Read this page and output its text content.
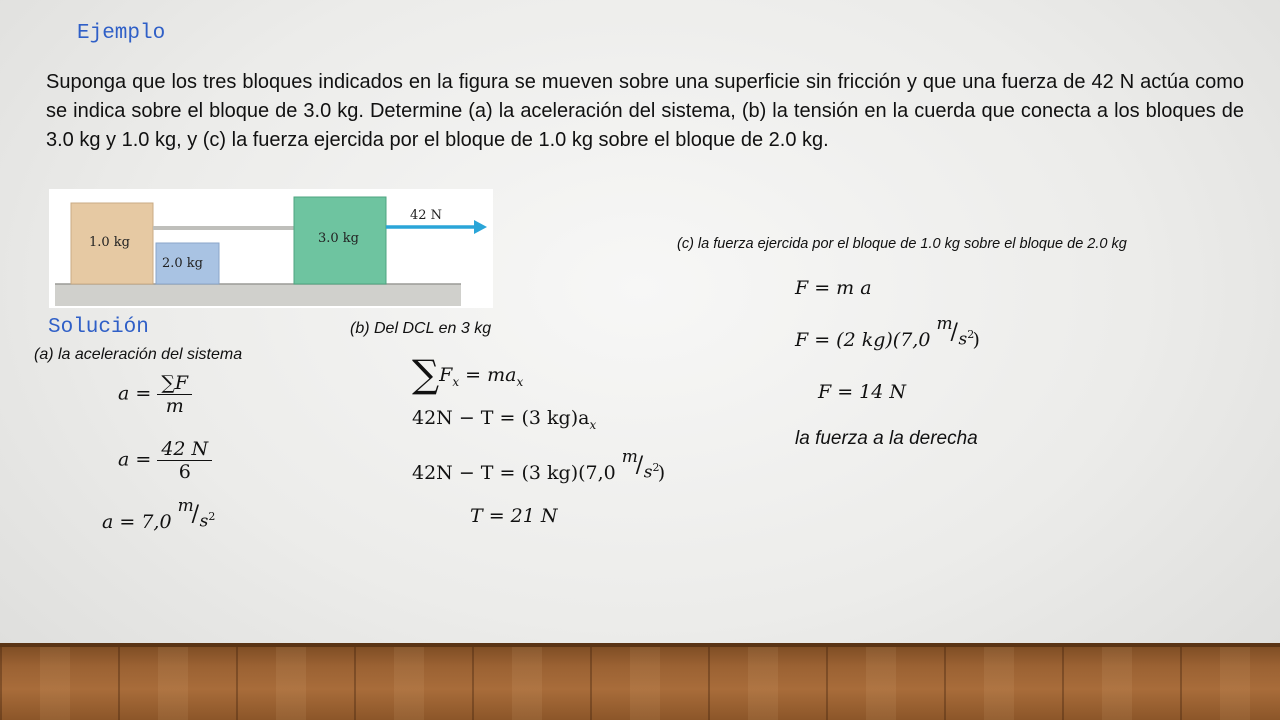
Ejemplo
Suponga que los tres bloques indicados en la figura se mueven sobre una superficie sin fricción y que una fuerza de 42 N actúa como se indica sobre el bloque de 3.0 kg. Determine (a) la aceleración del sistema, (b) la tensión en la cuerda que conecta a los bloques de 3.0 kg y 1.0 kg, y (c) la fuerza ejercida por el bloque de 1.0 kg sobre el bloque de 2.0 kg.
1.0 kg
2.0 kg
3.0 kg
42 N
Solución
(a) la aceleración del sistema
$a = \frac{\sum F}{m}$
$a = \frac{42 N}{6}$
a = 7,0
m
/ $s^2$
(b) Del DCL en 3 kg
$\sum F_x = ma_x$
42N − T = (3 $kg)a_x$
42N − T = (3 kg)(7,0
m
/ $s^2$
)
T = 21 N
(c) la fuerza ejercida por el bloque de 1.0 kg sobre el bloque de 2.0 kg
F = m a
F = (2 kg)(7,0
m
/ $s^2$
)
F = 14 N
la fuerza a la derecha
